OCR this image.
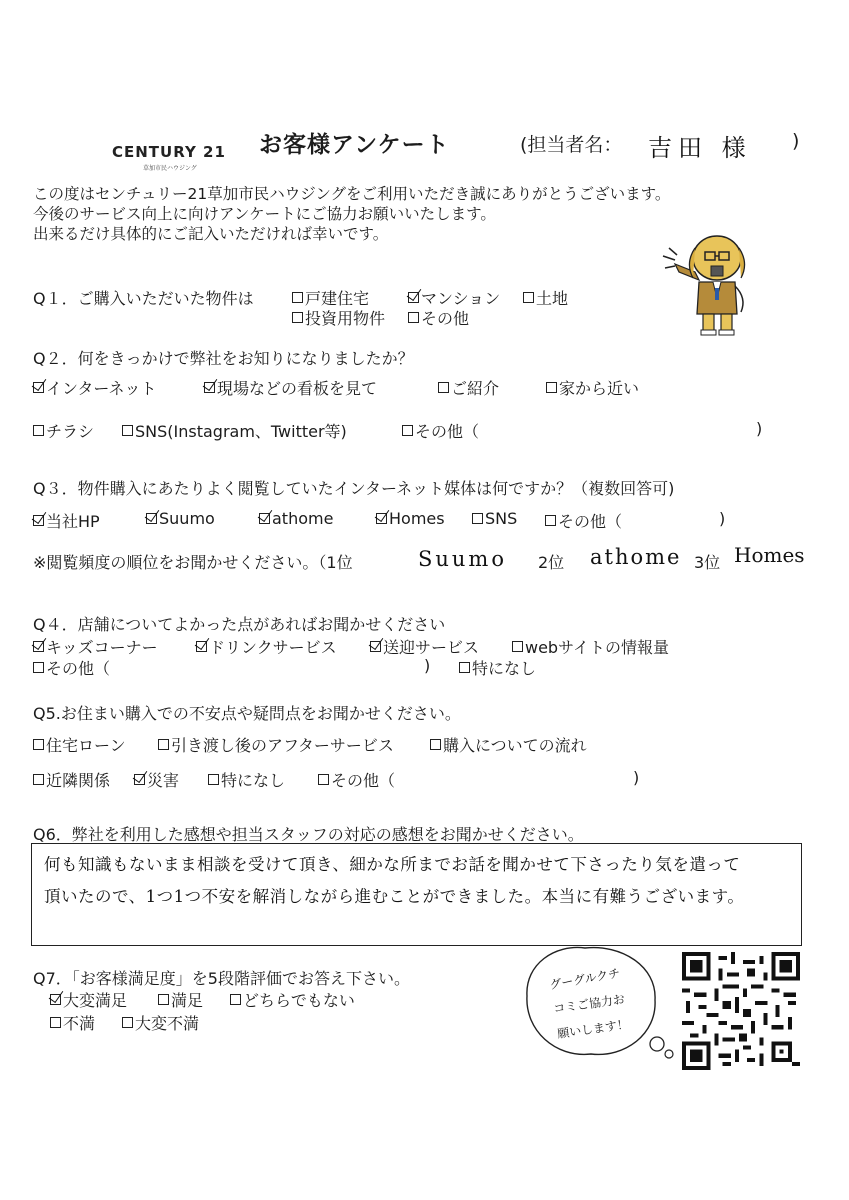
CENTURY 21
草加市民ハウジング
お客様アンケート	(担当者名： 吉田 様 )
この度はセンチュリー21草加市民ハウジングをご利用いただき誠にありがとうございます。
今後のサービス向上に向けアンケートにご協力お願いいたします。
出来るだけ具体的にご記入いただければ幸いです。
Q１．ご購入いただいた物件は	戸建住宅	マンション 土地
投資用物件 その他
Q２．何をきっかけで弊社をお知りになりましたか？
インターネット	現場などの看板を見て	ご紹介	家から近い
チラシ	SNS(Instagram、Twitter等)	その他（	)
Q３．物件購入にあたりよく閲覧していたインターネット媒体は何ですか？（複数回答可)
当社HP	Suumo	athome	Homes	SNS	その他（	)
※閲覧頻度の順位をお聞かせください。（1位	Suumo 2位 athome 3位 Homes
Q４．店舗についてよかった点があればお聞かせください
キッズコーナー	ドリンクサービス	送迎サービス	webサイトの情報量
その他（	)	特になし
Q5.お住まい購入での不安点や疑問点をお聞かせください。
住宅ローン	引き渡し後のアフターサービス	購入についての流れ
近隣関係 災害	特になし	その他（	)
Q6．弊社を利用した感想や担当スタッフの対応の感想をお聞かせください。
何も知識もないまま相談を受けて頂き、細かな所までお話を聞かせて下さったり気を遣って
頂いたので、1つ1つ不安を解消しながら進むことができました。本当に有難うございます。
Q7．「お客様満足度」を5段階評価でお答え下さい。
大変満足	満足 どちらでもない
不満 大変不満
グーグルクチ
コミご協力お
願いします！
